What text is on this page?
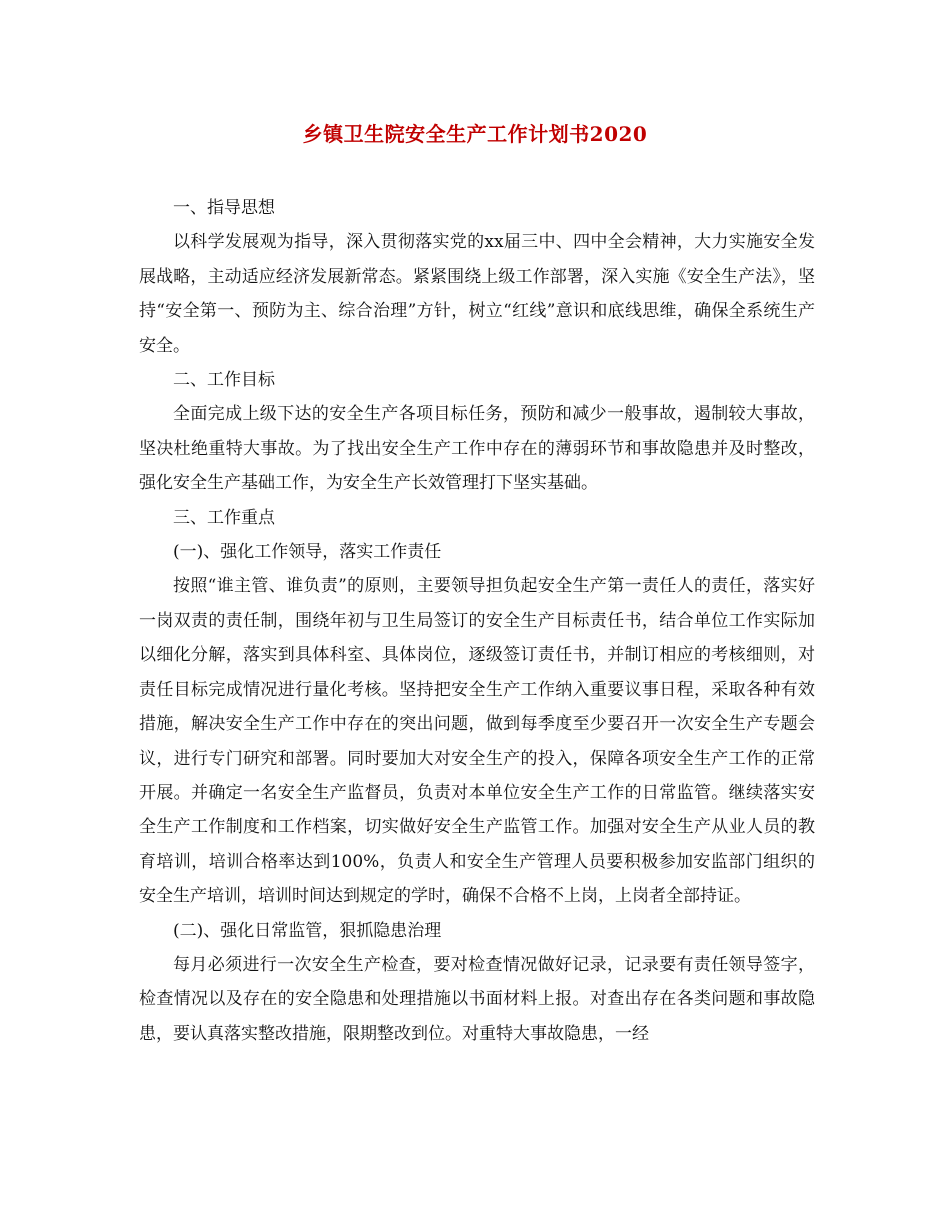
乡镇卫生院安全生产工作计划书2020

一、指导思想

以科学发展观为指导，深入贯彻落实党的xx届三中、四中全会精神，大力实施安全发展战略，主动适应经济发展新常态。紧紧围绕上级工作部署，深入实施《安全生产法》，坚持“安全第一、预防为主、综合治理”方针，树立“红线”意识和底线思维，确保全系统生产安全。

二、工作目标

全面完成上级下达的安全生产各项目标任务，预防和减少一般事故，遏制较大事故，坚决杜绝重特大事故。为了找出安全生产工作中存在的薄弱环节和事故隐患并及时整改，强化安全生产基础工作，为安全生产长效管理打下坚实基础。

三、工作重点

(一)、强化工作领导，落实工作责任

按照“谁主管、谁负责”的原则，主要领导担负起安全生产第一责任人的责任，落实好一岗双责的责任制，围绕年初与卫生局签订的安全生产目标责任书，结合单位工作实际加以细化分解，落实到具体科室、具体岗位，逐级签订责任书，并制订相应的考核细则，对责任目标完成情况进行量化考核。坚持把安全生产工作纳入重要议事日程，采取各种有效措施，解决安全生产工作中存在的突出问题，做到每季度至少要召开一次安全生产专题会议，进行专门研究和部署。同时要加大对安全生产的投入，保障各项安全生产工作的正常开展。并确定一名安全生产监督员，负责对本单位安全生产工作的日常监管。继续落实安全生产工作制度和工作档案，切实做好安全生产监管工作。加强对安全生产从业人员的教育培训，培训合格率达到100%，负责人和安全生产管理人员要积极参加安监部门组织的安全生产培训，培训时间达到规定的学时，确保不合格不上岗，上岗者全部持证。

(二)、强化日常监管，狠抓隐患治理

每月必须进行一次安全生产检查，要对检查情况做好记录，记录要有责任领导签字，检查情况以及存在的安全隐患和处理措施以书面材料上报。对查出存在各类问题和事故隐患，要认真落实整改措施，限期整改到位。对重特大事故隐患，一经
